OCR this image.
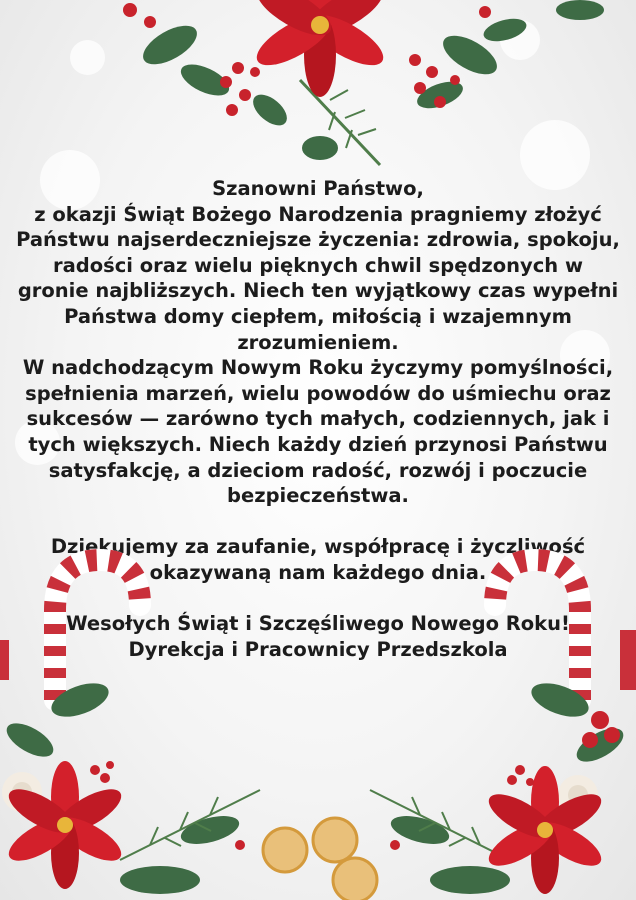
Szanowni Państwo,

z okazji Świąt Bożego Narodzenia pragniemy złożyć Państwu najserdeczniejsze życzenia: zdrowia, spokoju, radości oraz wielu pięknych chwil spędzonych w gronie najbliższych. Niech ten wyjątkowy czas wypełni Państwa domy ciepłem, miłością i wzajemnym zrozumieniem.

W nadchodzącym Nowym Roku życzymy pomyślności, spełnienia marzeń, wielu powodów do uśmiechu oraz sukcesów — zarówno tych małych, codziennych, jak i tych większych. Niech każdy dzień przynosi Państwu satysfakcję, a dzieciom radość, rozwój i poczucie bezpieczeństwa.

Dziękujemy za zaufanie, współpracę i życzliwość okazywaną nam każdego dnia.

Wesołych Świąt i Szczęśliwego Nowego Roku!

Dyrekcja i Pracownicy Przedszkola
